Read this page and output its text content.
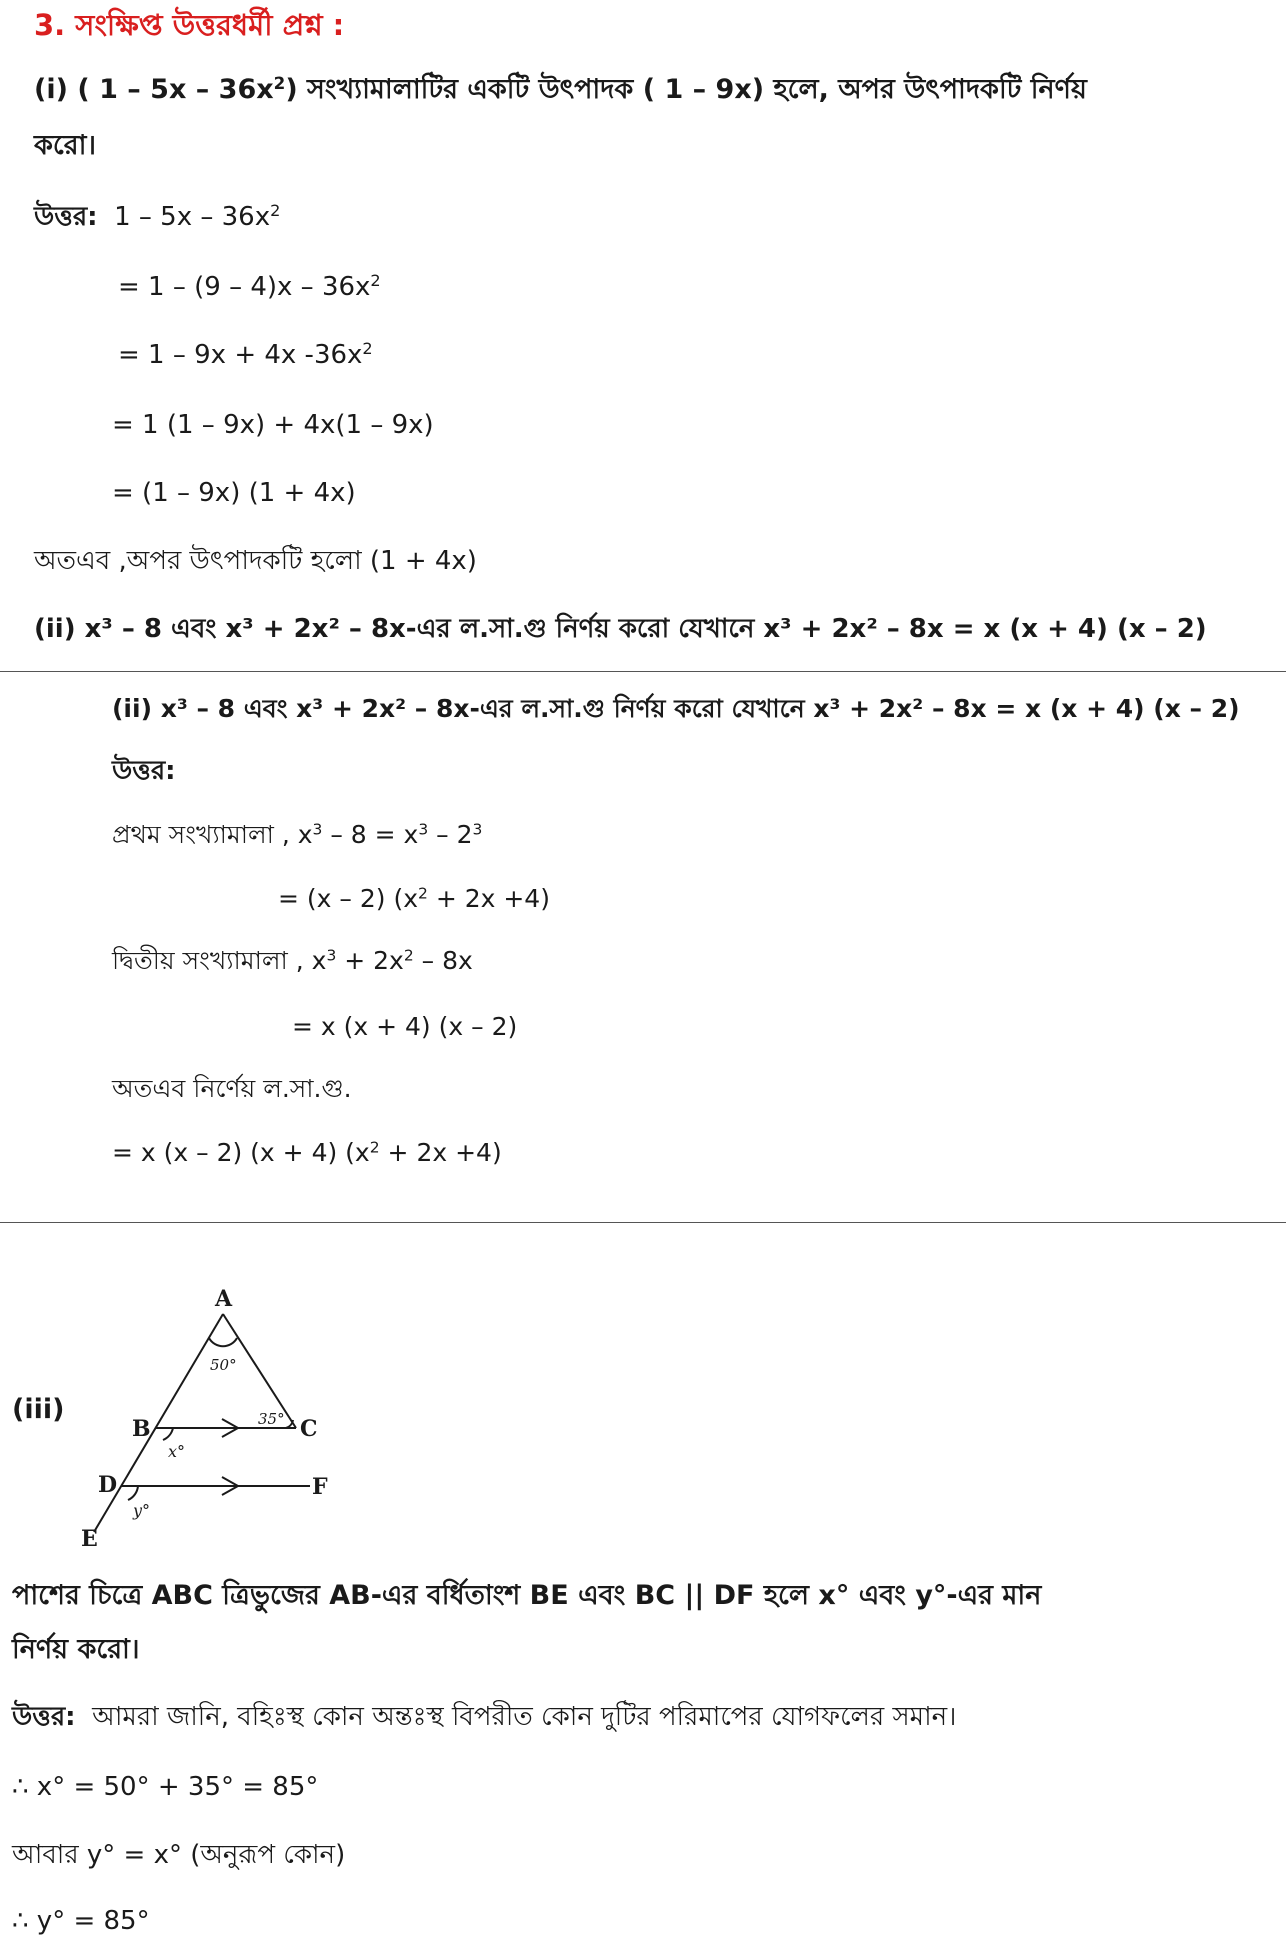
3. সংক্ষিপ্ত উত্তরধর্মী প্রশ্ন :
(i) ( $1 - 5x - 36x^2$) সংখ্যামালাটির একটি উৎপাদক ( 1 – 9x) হলে, অপর উৎপাদকটি নির্ণয়
করো।
উত্তর: $1 - 5x - 36x^2$
= $1 - (9 - 4)x - 36x^2$
= 1 – 9x + 4x $-36x^2$
= 1 (1 – 9x) + 4x(1 – 9x)
= (1 – 9x) (1 + 4x)
অতএব ,অপর উৎপাদকটি হলো (1 + 4x)
(ii) x³ – 8 এবং x³ + 2x² – 8x-এর ল.সা.গু নির্ণয় করো যেখানে x³ + 2x² – 8x = x (x + 4) (x – 2)
(ii) x³ – 8 এবং x³ + 2x² – 8x-এর ল.সা.গু নির্ণয় করো যেখানে x³ + 2x² – 8x = x (x + 4) (x – 2)
উত্তর:
প্রথম সংখ্যামালা , $x^3 - 8 = x^3 - 2^3$
= (x – 2) $(x^2 + 2x +4)$
দ্বিতীয় সংখ্যামালা , $x^3 + 2x^2 - 8x$
= x (x + 4) (x – 2)
অতএব নির্ণেয় ল.সা.গু.
= x (x – 2) (x + 4) $(x^2 + 2x +4)$
(iii)
A
50°
B	35° C
x°
D	F
y°
E
পাশের চিত্রে ABC ত্রিভুজের AB-এর বর্ধিতাংশ BE এবং BC || DF হলে x° এবং y°-এর মান
নির্ণয় করো।
উত্তর: আমরা জানি, বহিঃস্থ কোন অন্তঃস্থ বিপরীত কোন দুটির পরিমাপের যোগফলের সমান।
∴ x° = 50° + 35° = 85°
আবার y° = x° (অনুরূপ কোন)
∴ y° = 85°
